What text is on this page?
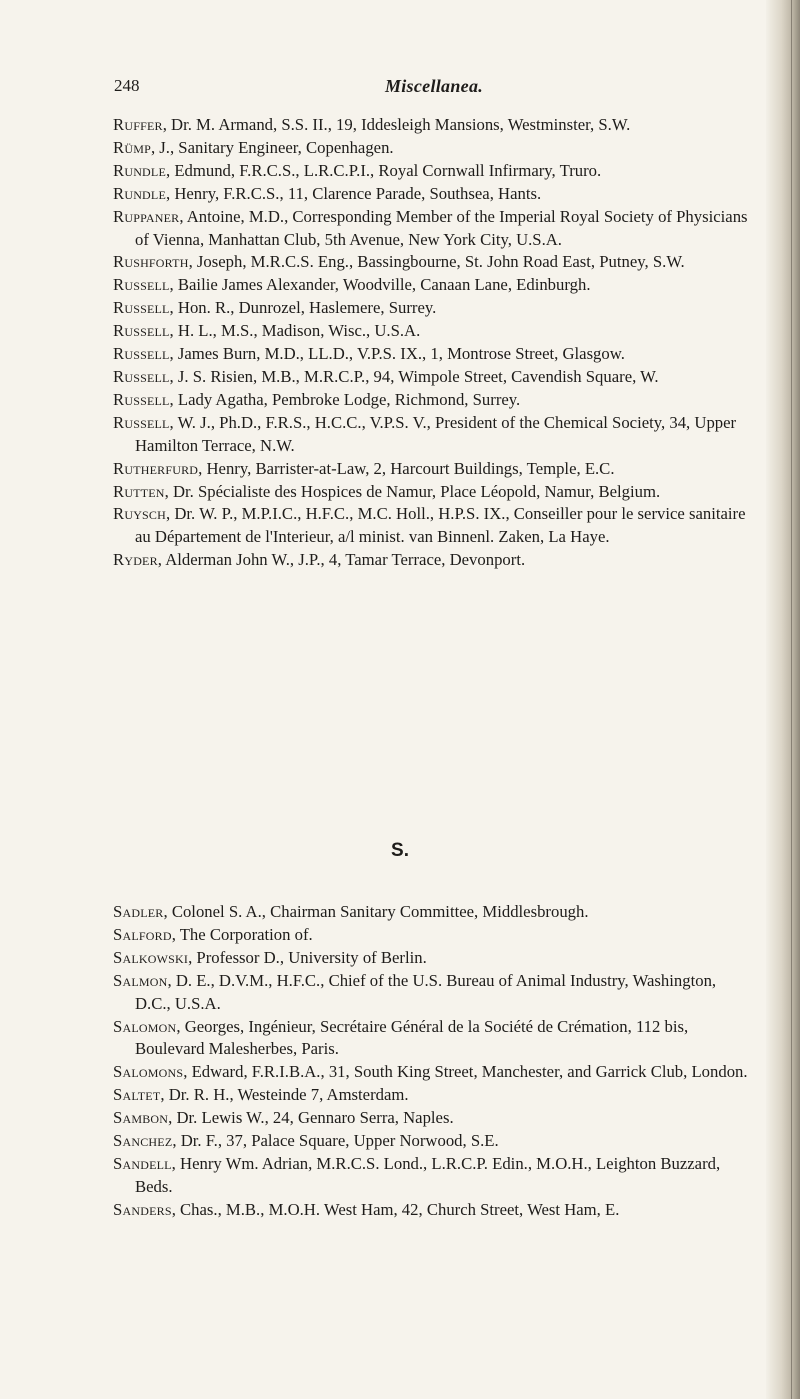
248	Miscellanea.

Ruffer, Dr. M. Armand, S.S. II., 19, Iddesleigh Mansions, Westminster, S.W.

Rümp, J., Sanitary Engineer, Copenhagen.

Rundle, Edmund, F.R.C.S., L.R.C.P.I., Royal Cornwall Infirmary, Truro.

Rundle, Henry, F.R.C.S., 11, Clarence Parade, Southsea, Hants.

Ruppaner, Antoine, M.D., Corresponding Member of the Imperial Royal Society of Physicians of Vienna, Manhattan Club, 5th Avenue, New York City, U.S.A.

Rushforth, Joseph, M.R.C.S. Eng., Bassingbourne, St. John Road East, Putney, S.W.

Russell, Bailie James Alexander, Woodville, Canaan Lane, Edinburgh.

Russell, Hon. R., Dunrozel, Haslemere, Surrey.

Russell, H. L., M.S., Madison, Wisc., U.S.A.

Russell, James Burn, M.D., LL.D., V.P.S. IX., 1, Montrose Street, Glasgow.

Russell, J. S. Risien, M.B., M.R.C.P., 94, Wimpole Street, Cavendish Square, W.

Russell, Lady Agatha, Pembroke Lodge, Richmond, Surrey.

Russell, W. J., Ph.D., F.R.S., H.C.C., V.P.S. V., President of the Chemical Society, 34, Upper Hamilton Terrace, N.W.

Rutherfurd, Henry, Barrister-at-Law, 2, Harcourt Buildings, Temple, E.C.

Rutten, Dr. Spécialiste des Hospices de Namur, Place Léopold, Namur, Belgium.

Ruysch, Dr. W. P., M.P.I.C., H.F.C., M.C. Holl., H.P.S. IX., Conseiller pour le service sanitaire au Département de l'Interieur, a/l minist. van Binnenl. Zaken, La Haye.

Ryder, Alderman John W., J.P., 4, Tamar Terrace, Devonport.

S.

Sadler, Colonel S. A., Chairman Sanitary Committee, Middlesbrough.

Salford, The Corporation of.

Salkowski, Professor D., University of Berlin.

Salmon, D. E., D.V.M., H.F.C., Chief of the U.S. Bureau of Animal Industry, Washington, D.C., U.S.A.

Salomon, Georges, Ingénieur, Secrétaire Général de la Société de Crémation, 112 bis, Boulevard Malesherbes, Paris.

Salomons, Edward, F.R.I.B.A., 31, South King Street, Manchester, and Garrick Club, London.

Saltet, Dr. R. H., Westeinde 7, Amsterdam.

Sambon, Dr. Lewis W., 24, Gennaro Serra, Naples.

Sanchez, Dr. F., 37, Palace Square, Upper Norwood, S.E.

Sandell, Henry Wm. Adrian, M.R.C.S. Lond., L.R.C.P. Edin., M.O.H., Leighton Buzzard, Beds.

Sanders, Chas., M.B., M.O.H. West Ham, 42, Church Street, West Ham, E.
